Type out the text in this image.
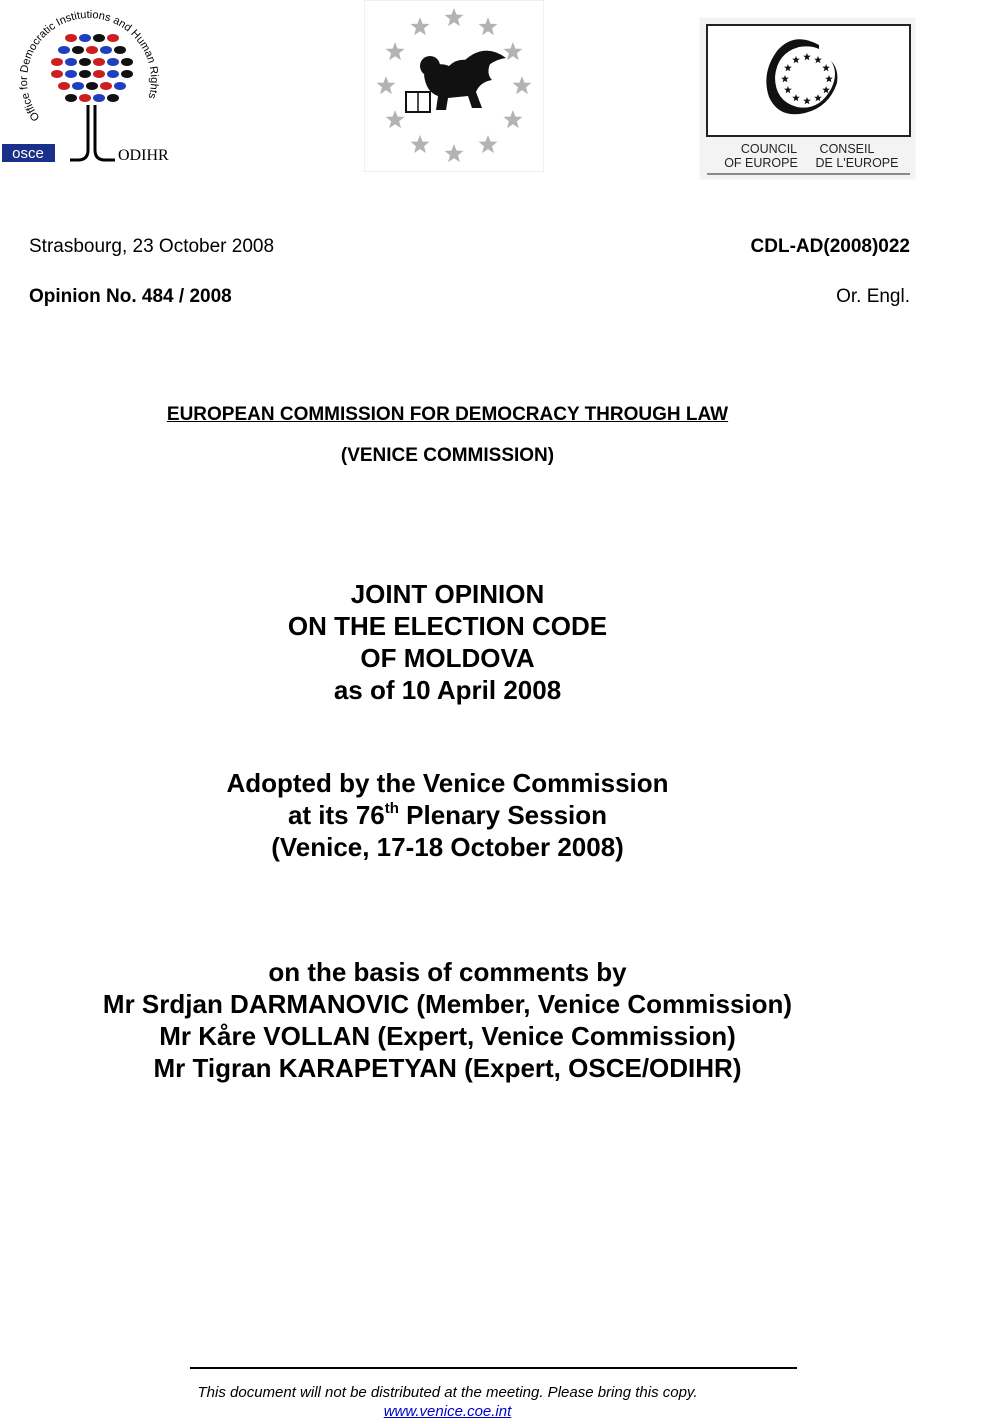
Office for Democratic Institutions and Human Rights
osce	ODIHR	COUNCIL
OF EUROPE
CONSEIL
DE L'EUROPE
Strasbourg, 23 October 2008	CDL-AD(2008)022
Opinion No. 484 / 2008	Or. Engl.
EUROPEAN COMMISSION FOR DEMOCRACY THROUGH LAW
(VENICE COMMISSION)
JOINT OPINION
ON THE ELECTION CODE
OF MOLDOVA
as of 10 April 2008
Adopted by the Venice Commission
at its 76th Plenary Session
(Venice, 17-18 October 2008)
on the basis of comments by
Mr Srdjan DARMANOVIC (Member, Venice Commission)
Mr Kåre VOLLAN (Expert, Venice Commission)
Mr Tigran KARAPETYAN (Expert, OSCE/ODIHR)
This document will not be distributed at the meeting. Please bring this copy.
www.venice.coe.int
